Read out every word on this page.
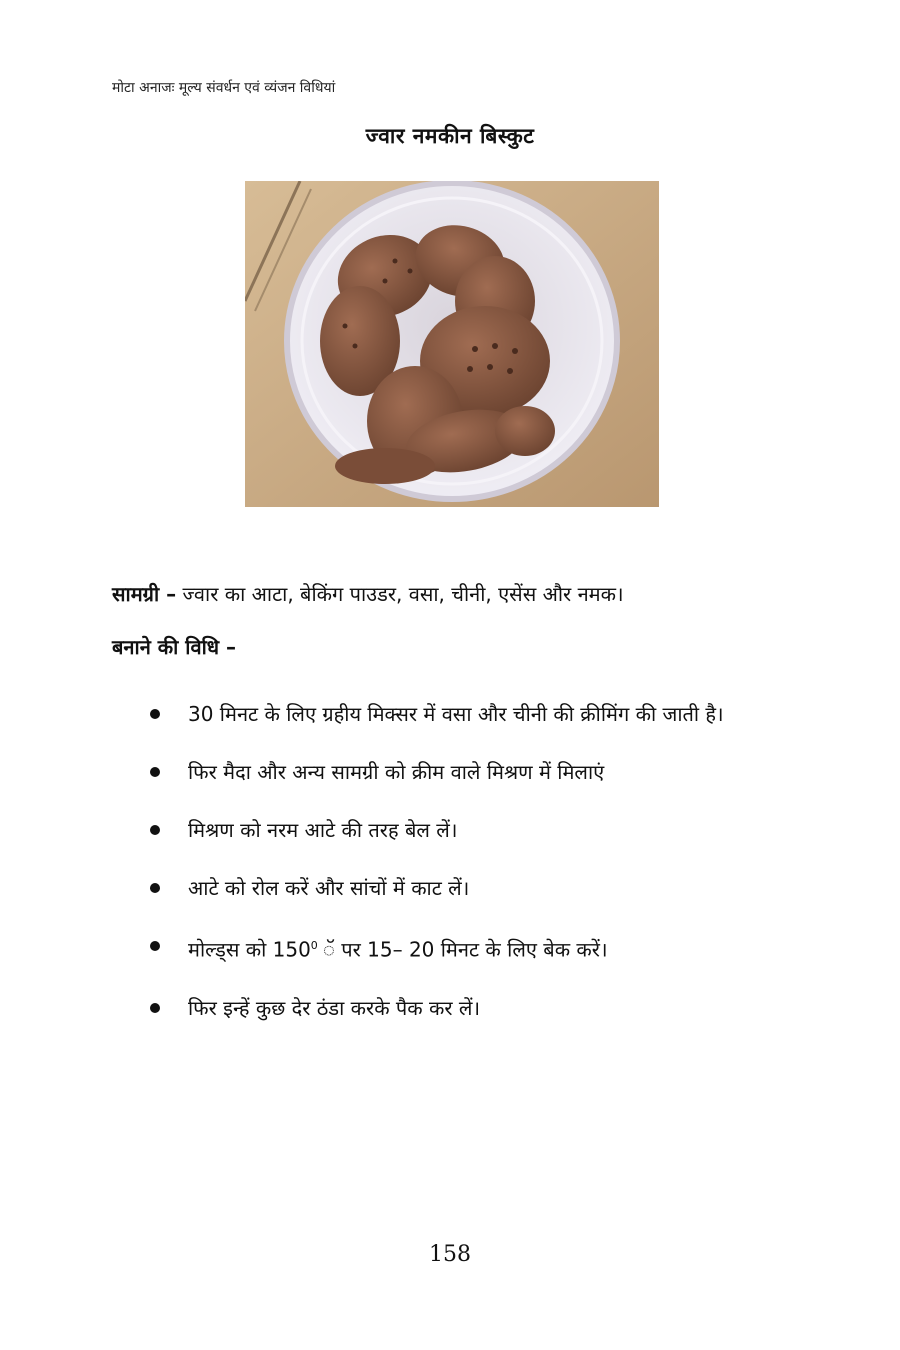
मोटा अनाजः मूल्य संवर्धन एवं व्यंजन विधियां
ज्वार नमकीन बिस्कुट
सामग्री – ज्वार का आटा, बेकिंग पाउडर, वसा, चीनी, एसेंस और नमक।
बनाने की विधि –
30 मिनट के लिए ग्रहीय मिक्सर में वसा और चीनी की क्रीमिंग की जाती है।
फिर मैदा और अन्य सामग्री को क्रीम वाले मिश्रण में मिलाएं
मिश्रण को नरम आटे की तरह बेल लें।
आटे को रोल करें और सांचों में काट लें।
मोल्ड्स को $150^0$ ॅ पर 15– 20 मिनट के लिए बेक करें।
फिर इन्हें कुछ देर ठंडा करके पैक कर लें।
158
